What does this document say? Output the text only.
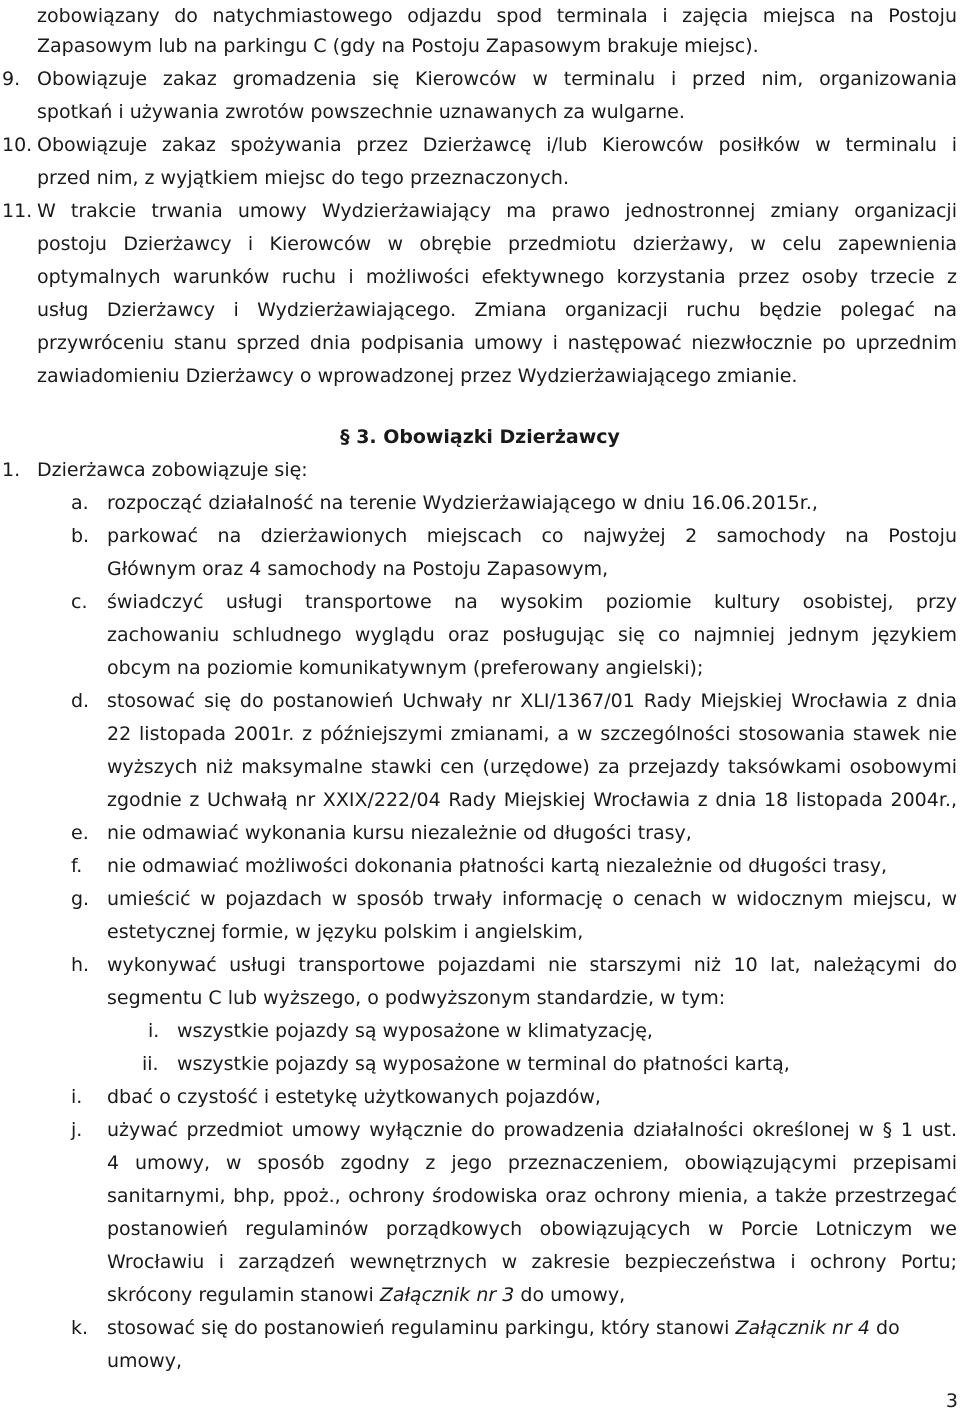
zobowiązany do natychmiastowego odjazdu spod terminala i zajęcia miejsca na Postoju
Zapasowym lub na parkingu C (gdy na Postoju Zapasowym brakuje miejsc).
9. Obowiązuje zakaz gromadzenia się Kierowców w terminalu i przed nim, organizowania
spotkań i używania zwrotów powszechnie uznawanych za wulgarne.
10. Obowiązuje zakaz spożywania przez Dzierżawcę i/lub Kierowców posiłków w terminalu i
przed nim, z wyjątkiem miejsc do tego przeznaczonych.
11. W trakcie trwania umowy Wydzierżawiający ma prawo jednostronnej zmiany organizacji
postoju Dzierżawcy i Kierowców w obrębie przedmiotu dzierżawy, w celu zapewnienia
optymalnych warunków ruchu i możliwości efektywnego korzystania przez osoby trzecie z
usług Dzierżawcy i Wydzierżawiającego. Zmiana organizacji ruchu będzie polegać na
przywróceniu stanu sprzed dnia podpisania umowy i następować niezwłocznie po uprzednim
zawiadomieniu Dzierżawcy o wprowadzonej przez Wydzierżawiającego zmianie.
§ 3. Obowiązki Dzierżawcy
1. Dzierżawca zobowiązuje się:
a. rozpocząć działalność na terenie Wydzierżawiającego w dniu 16.06.2015r.,
b. parkować na dzierżawionych miejscach co najwyżej 2 samochody na Postoju
Głównym oraz 4 samochody na Postoju Zapasowym,
c. świadczyć usługi transportowe na wysokim poziomie kultury osobistej, przy
zachowaniu schludnego wyglądu oraz posługując się co najmniej jednym językiem
obcym na poziomie komunikatywnym (preferowany angielski);
d. stosować się do postanowień Uchwały nr XLI/1367/01 Rady Miejskiej Wrocławia z dnia
22 listopada 2001r. z późniejszymi zmianami, a w szczególności stosowania stawek nie
wyższych niż maksymalne stawki cen (urzędowe) za przejazdy taksówkami osobowymi
zgodnie z Uchwałą nr XXIX/222/04 Rady Miejskiej Wrocławia z dnia 18 listopada 2004r.,
e. nie odmawiać wykonania kursu niezależnie od długości trasy,
f. nie odmawiać możliwości dokonania płatności kartą niezależnie od długości trasy,
g. umieścić w pojazdach w sposób trwały informację o cenach w widocznym miejscu, w
estetycznej formie, w języku polskim i angielskim,
h. wykonywać usługi transportowe pojazdami nie starszymi niż 10 lat, należącymi do
segmentu C lub wyższego, o podwyższonym standardzie, w tym:
i. wszystkie pojazdy są wyposażone w klimatyzację,
ii. wszystkie pojazdy są wyposażone w terminal do płatności kartą,
i. dbać o czystość i estetykę użytkowanych pojazdów,
j. używać przedmiot umowy wyłącznie do prowadzenia działalności określonej w § 1 ust.
4 umowy, w sposób zgodny z jego przeznaczeniem, obowiązującymi przepisami
sanitarnymi, bhp, ppoż., ochrony środowiska oraz ochrony mienia, a także przestrzegać
postanowień regulaminów porządkowych obowiązujących w Porcie Lotniczym we
Wrocławiu i zarządzeń wewnętrznych w zakresie bezpieczeństwa i ochrony Portu;
skrócony regulamin stanowi Załącznik nr 3 do umowy,
k. stosować się do postanowień regulaminu parkingu, który stanowi Załącznik nr 4 do
umowy,
3
